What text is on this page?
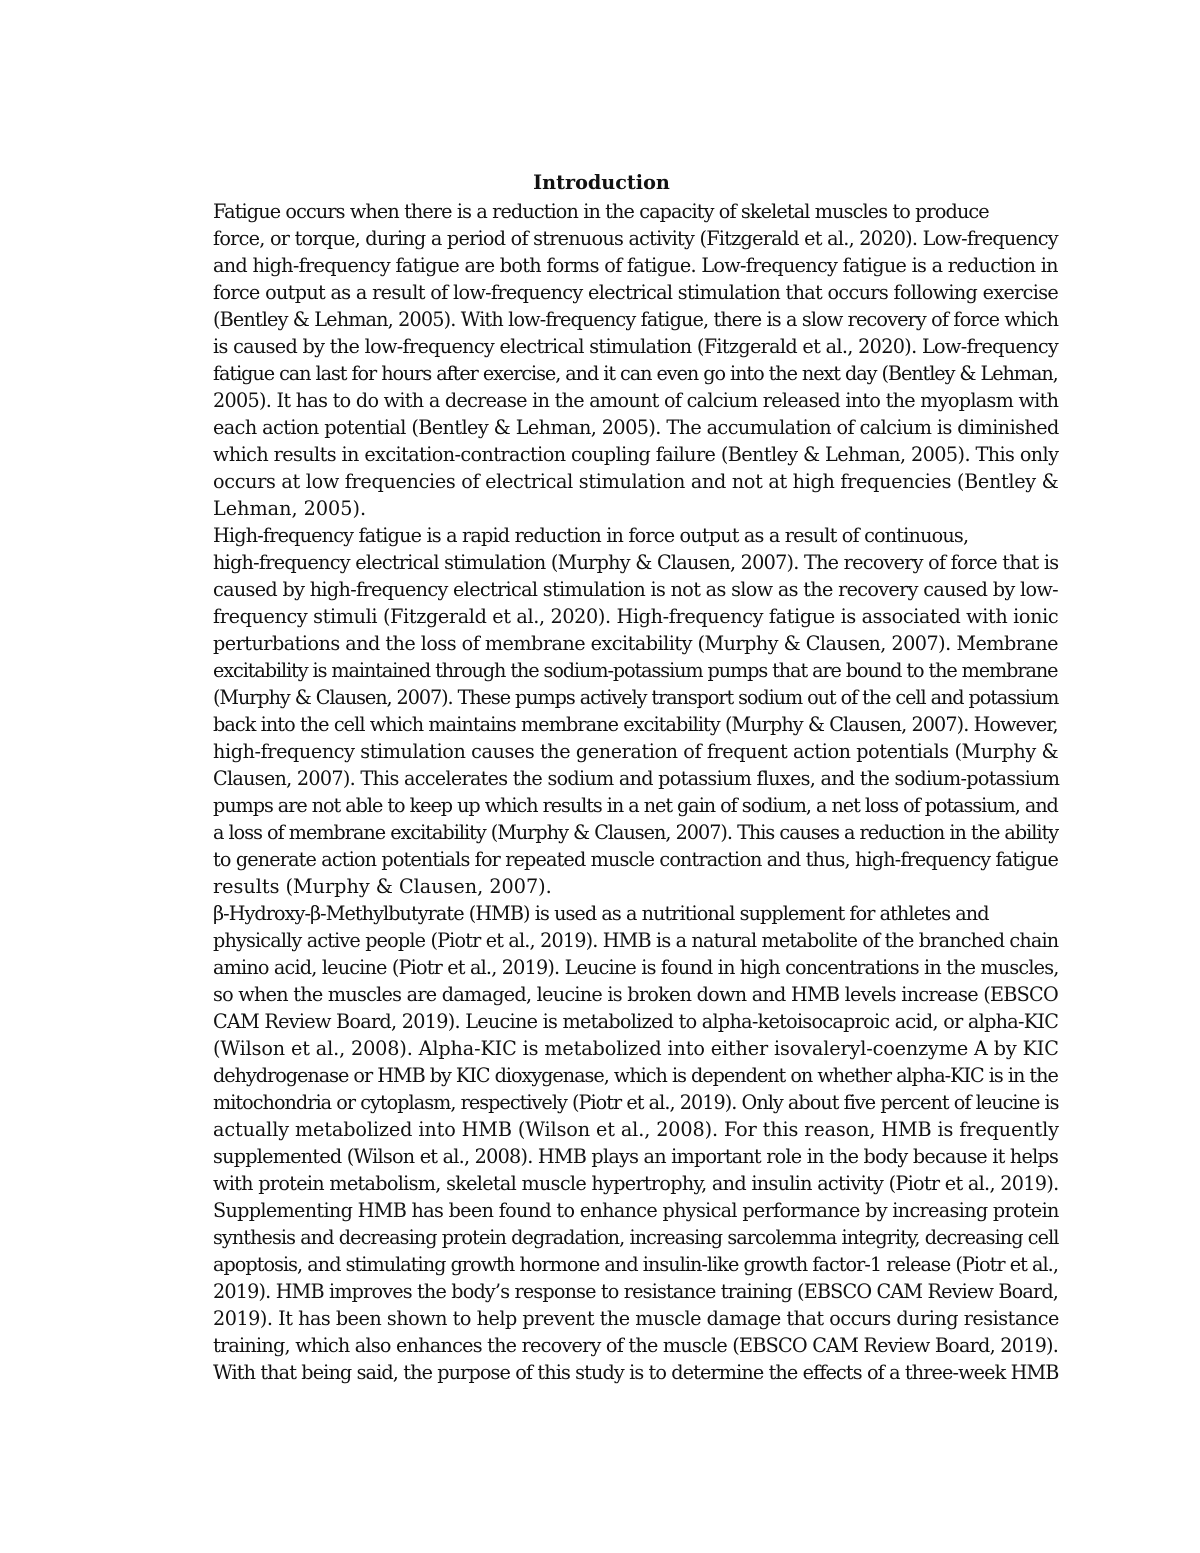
Introduction

Fatigue occurs when there is a reduction in the capacity of skeletal muscles to produce
force, or torque, during a period of strenuous activity (Fitzgerald et al., 2020). Low-frequency
and high-frequency fatigue are both forms of fatigue. Low-frequency fatigue is a reduction in
force output as a result of low-frequency electrical stimulation that occurs following exercise
(Bentley & Lehman, 2005). With low-frequency fatigue, there is a slow recovery of force which
is caused by the low-frequency electrical stimulation (Fitzgerald et al., 2020). Low-frequency
fatigue can last for hours after exercise, and it can even go into the next day (Bentley & Lehman,
2005). It has to do with a decrease in the amount of calcium released into the myoplasm with
each action potential (Bentley & Lehman, 2005). The accumulation of calcium is diminished
which results in excitation-contraction coupling failure (Bentley & Lehman, 2005). This only
occurs at low frequencies of electrical stimulation and not at high frequencies (Bentley &
Lehman, 2005).

High-frequency fatigue is a rapid reduction in force output as a result of continuous,
high-frequency electrical stimulation (Murphy & Clausen, 2007). The recovery of force that is
caused by high-frequency electrical stimulation is not as slow as the recovery caused by low-
frequency stimuli (Fitzgerald et al., 2020). High-frequency fatigue is associated with ionic
perturbations and the loss of membrane excitability (Murphy & Clausen, 2007). Membrane
excitability is maintained through the sodium-potassium pumps that are bound to the membrane
(Murphy & Clausen, 2007). These pumps actively transport sodium out of the cell and potassium
back into the cell which maintains membrane excitability (Murphy & Clausen, 2007). However,
high-frequency stimulation causes the generation of frequent action potentials (Murphy &
Clausen, 2007). This accelerates the sodium and potassium fluxes, and the sodium-potassium
pumps are not able to keep up which results in a net gain of sodium, a net loss of potassium, and
a loss of membrane excitability (Murphy & Clausen, 2007). This causes a reduction in the ability
to generate action potentials for repeated muscle contraction and thus, high-frequency fatigue
results (Murphy & Clausen, 2007).

β-Hydroxy-β-Methylbutyrate (HMB) is used as a nutritional supplement for athletes and
physically active people (Piotr et al., 2019). HMB is a natural metabolite of the branched chain
amino acid, leucine (Piotr et al., 2019). Leucine is found in high concentrations in the muscles,
so when the muscles are damaged, leucine is broken down and HMB levels increase (EBSCO
CAM Review Board, 2019). Leucine is metabolized to alpha-ketoisocaproic acid, or alpha-KIC
(Wilson et al., 2008). Alpha-KIC is metabolized into either isovaleryl-coenzyme A by KIC
dehydrogenase or HMB by KIC dioxygenase, which is dependent on whether alpha-KIC is in the
mitochondria or cytoplasm, respectively (Piotr et al., 2019). Only about five percent of leucine is
actually metabolized into HMB (Wilson et al., 2008). For this reason, HMB is frequently
supplemented (Wilson et al., 2008). HMB plays an important role in the body because it helps
with protein metabolism, skeletal muscle hypertrophy, and insulin activity (Piotr et al., 2019).
Supplementing HMB has been found to enhance physical performance by increasing protein
synthesis and decreasing protein degradation, increasing sarcolemma integrity, decreasing cell
apoptosis, and stimulating growth hormone and insulin-like growth factor-1 release (Piotr et al.,
2019). HMB improves the body’s response to resistance training (EBSCO CAM Review Board,
2019). It has been shown to help prevent the muscle damage that occurs during resistance
training, which also enhances the recovery of the muscle (EBSCO CAM Review Board, 2019).
With that being said, the purpose of this study is to determine the effects of a three-week HMB
